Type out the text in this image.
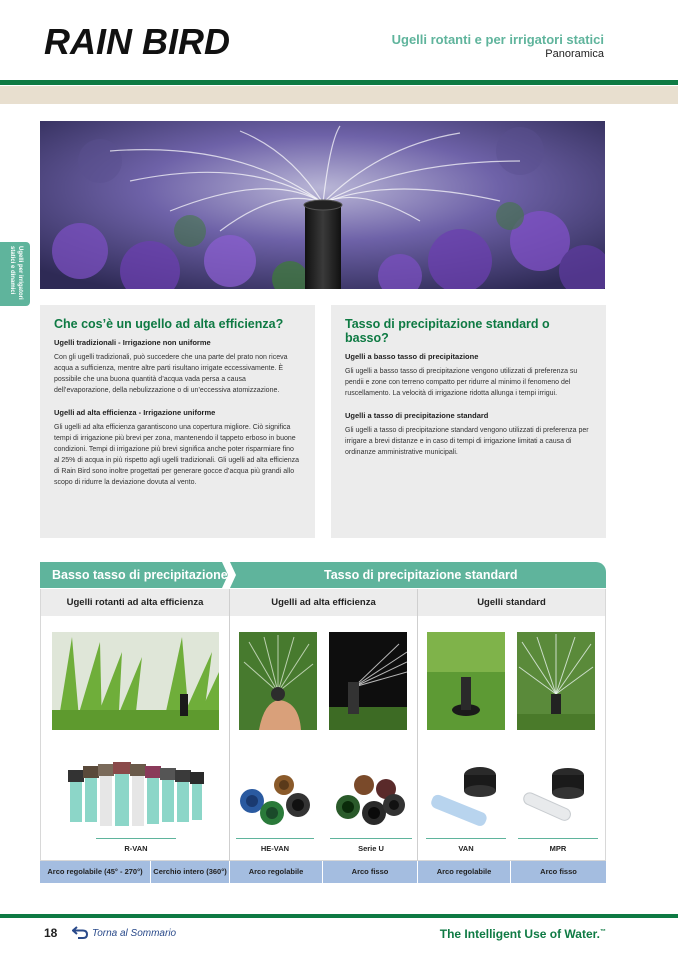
RAIN BIRD	Ugelli rotanti e per irrigatori statici
Panoramica
Ugelli per irrigatori statici e dinamici
Che cos’è un ugello ad alta efficienza?
Ugelli tradizionali - Irrigazione non uniforme

Con gli ugelli tradizionali, può succedere che una parte del prato non riceva acqua a sufficienza, mentre altre parti risultano irrigate eccessivamente. È possibile che una buona quantità d’acqua vada persa a causa dell’evaporazione, della nebulizzazione o di un’eccessiva atomizzazione.

Ugelli ad alta efficienza - Irrigazione uniforme

Gli ugelli ad alta efficienza garantiscono una copertura migliore. Ciò significa tempi di irrigazione più brevi per zona, mantenendo il tappeto erboso in buone condizioni. Tempi di irrigazione più brevi significa anche poter risparmiare fino al 25% di acqua in più rispetto agli ugelli tradizionali. Gli ugelli ad alta efficienza di Rain Bird sono inoltre progettati per generare gocce d’acqua più grandi allo scopo di ridurre la deviazione dovuta al vento.

Tasso di precipitazione standard o basso?
Ugelli a basso tasso di precipitazione

Gli ugelli a basso tasso di precipitazione vengono utilizzati di preferenza su pendii e zone con terreno compatto per ridurre al minimo il fenomeno del ruscellamento. La velocità di irrigazione ridotta allunga i tempi irrigui.

Ugelli a tasso di precipitazione standard

Gli ugelli a tasso di precipitazione standard vengono utilizzati di preferenza per irrigare a brevi distanze e in caso di tempi di irrigazione limitati a causa di ordinanze amministrative municipali.

Tasso di precipitazione standard
Basso tasso di precipitazione
Ugelli rotanti ad alta efficienza	Ugelli ad alta efficienza	Ugelli standard
R-VAN	HE-VAN	Serie U	VAN	MPR
Arco regolabile (45° - 270°)	Cerchio intero (360°)	Arco regolabile	Arco fisso	Arco regolabile	Arco fisso
18	Torna al Sommario	The Intelligent Use of Water.™
